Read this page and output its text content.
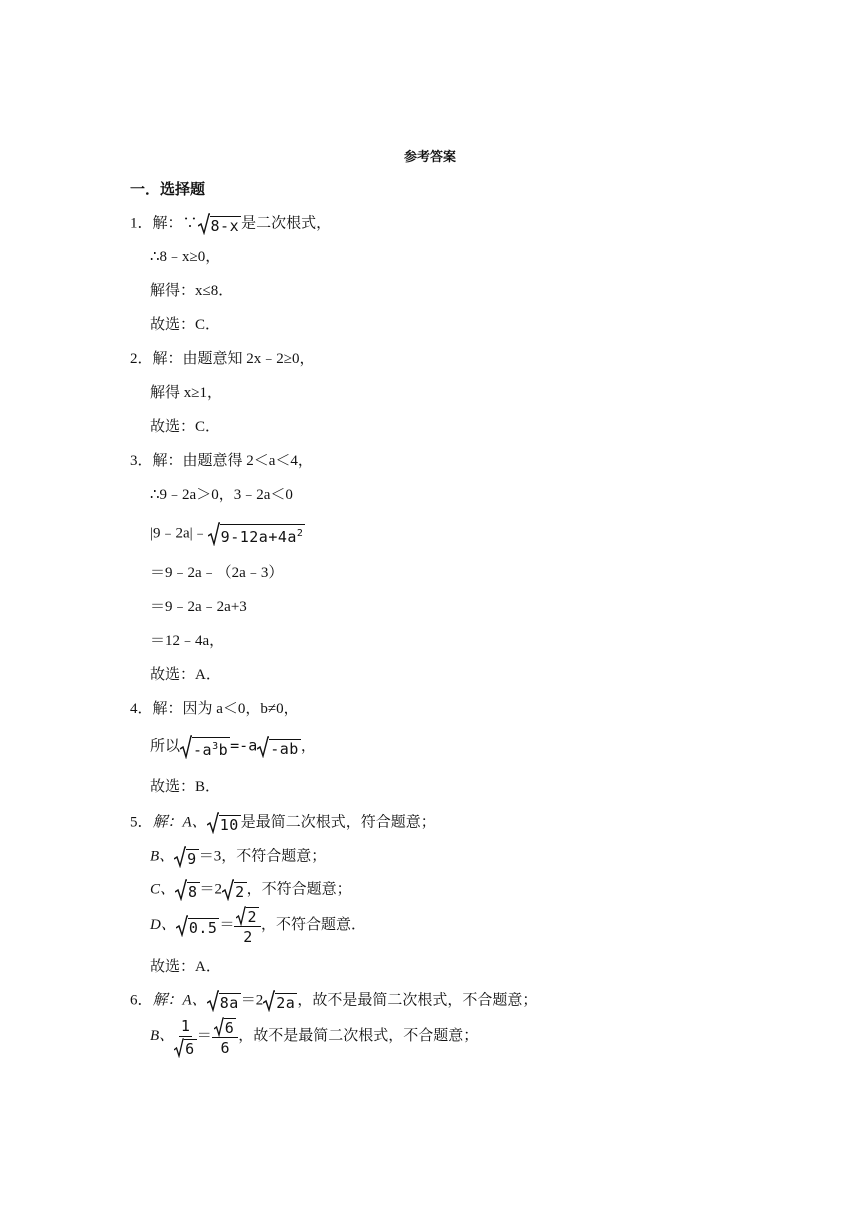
参考答案
一．选择题
1．解：∵ 8-x 是二次根式，
∴8﹣x≥0，
解得：x≤8．
故选：C．
2．解：由题意知 2x﹣2≥0，
解得 x≥1，
故选：C．
3．解：由题意得 2＜a＜4，
∴9﹣2a＞0，3﹣2a＜0
|9﹣2a|﹣ $9-12a+4a^2$
＝9﹣2a﹣（2a﹣3）
＝9﹣2a﹣2a+3
＝12﹣4a，
故选：A．
4．解：因为 a＜0，b≠0，
所以 $-a^3b =-a$ -ab ，
故选：B．
5．解：A、 10 是最简二次根式，符合题意；
B、 9 ＝3，不符合题意；
C、 8 ＝2 2 ，不符合题意；
D、 $0.5 = \frac{2}{2}$ ，不符合题意．
故选：A．
6．解：A、 8a ＝2 2a ，故不是最简二次根式，不合题意；
B、 $\frac{1}{6} = \frac{6}{6}$ ，故不是最简二次根式，不合题意；
